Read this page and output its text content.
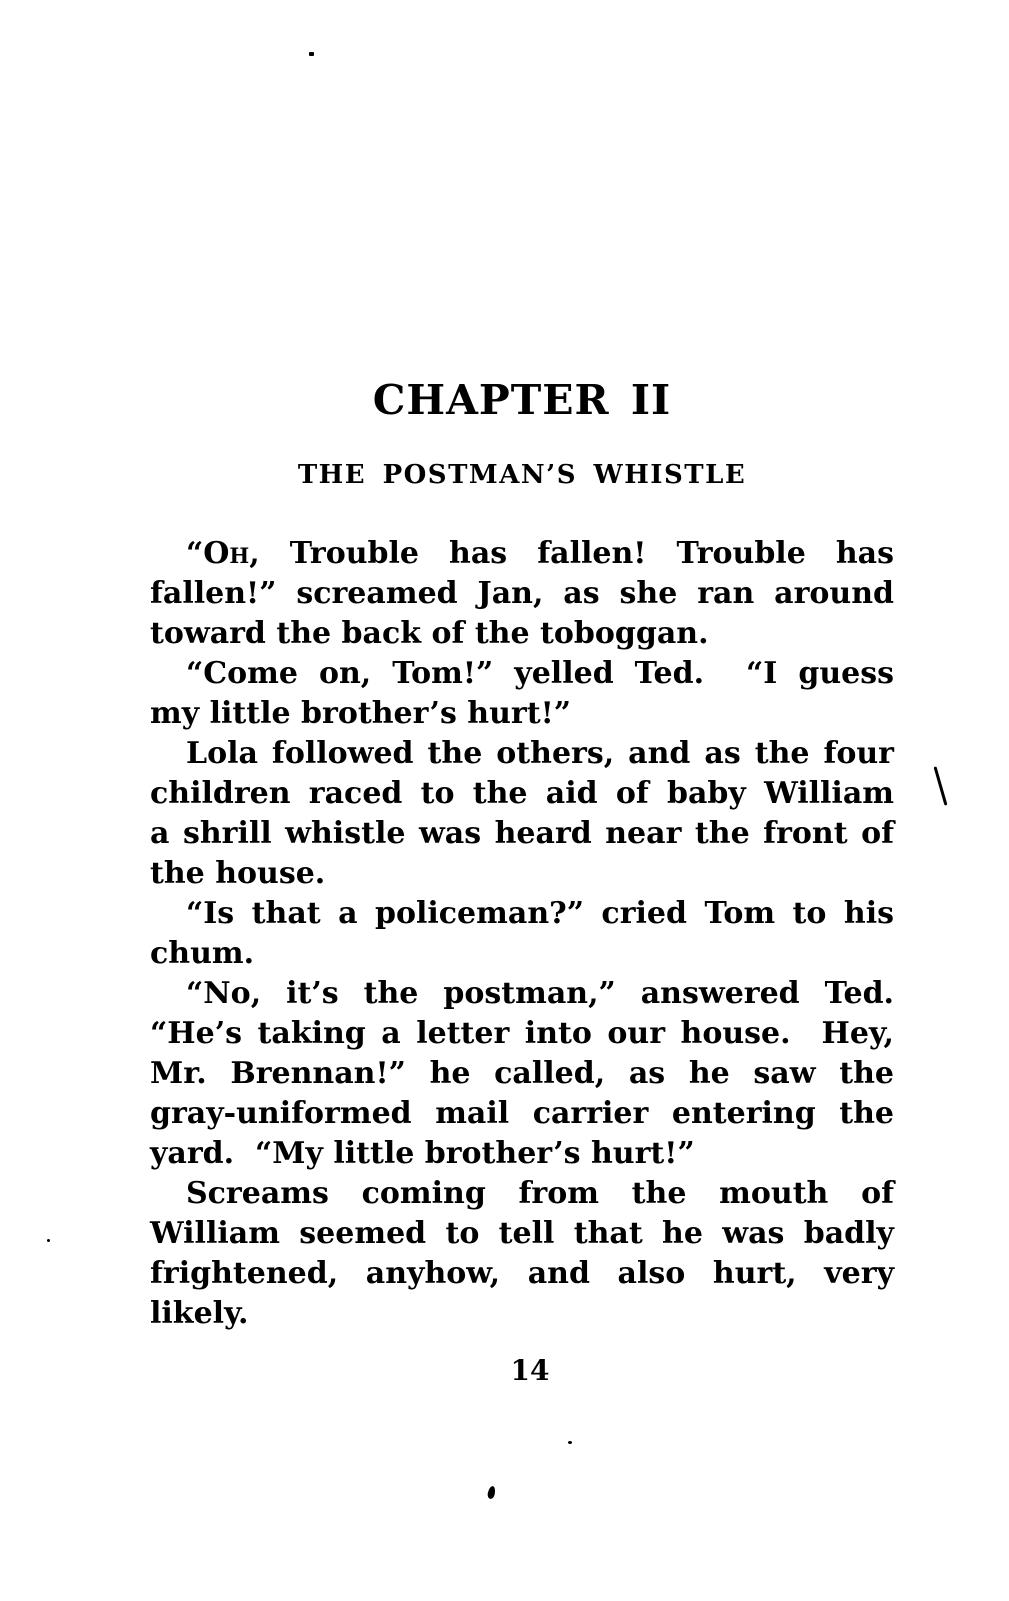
CHAPTER II
THE POSTMAN’S WHISTLE
“Oh, Trouble has fallen! Trouble has
fallen!” screamed Jan, as she ran around
toward the back of the toboggan.
“Come on, Tom!” yelled Ted.  “I guess
my little brother’s hurt!”
Lola followed the others, and as the four
children raced to the aid of baby William
a shrill whistle was heard near the front of
the house.
“Is that a policeman?” cried Tom to his
chum.
“No, it’s the postman,” answered Ted.
“He’s taking a letter into our house.  Hey,
Mr. Brennan!” he called, as he saw the
gray-uniformed mail carrier entering the
yard.  “My little brother’s hurt!”
Screams coming from the mouth of
William seemed to tell that he was badly
frightened, anyhow, and also hurt, very
likely.
14
